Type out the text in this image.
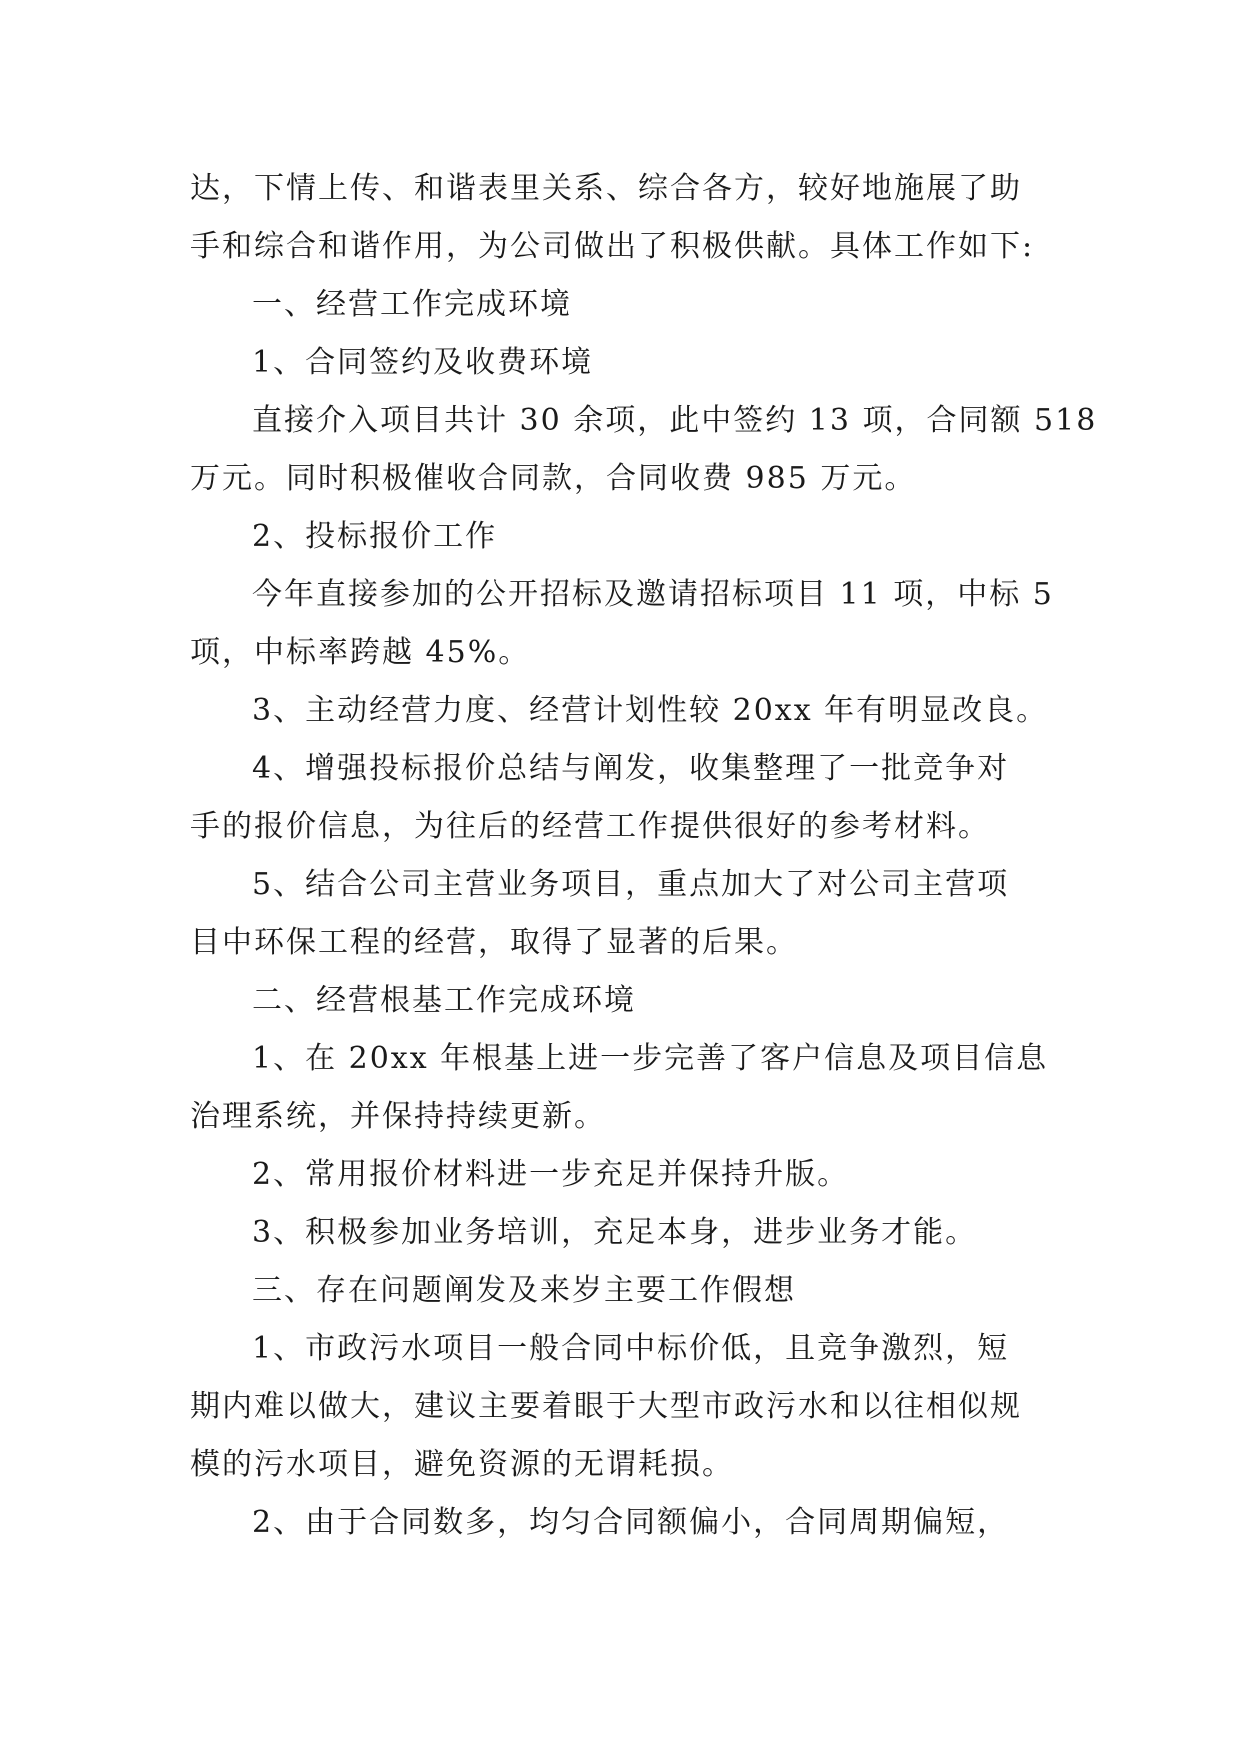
达，下情上传、和谐表里关系、综合各方，较好地施展了助
手和综合和谐作用，为公司做出了积极供献。具体工作如下:
一、经营工作完成环境
1、合同签约及收费环境
直接介入项目共计 30 余项，此中签约 13 项，合同额 518
万元。同时积极催收合同款，合同收费 985 万元。
2、投标报价工作
今年直接参加的公开招标及邀请招标项目 11 项，中标 5
项，中标率跨越 45%。
3、主动经营力度、经营计划性较 20xx 年有明显改良。
4、增强投标报价总结与阐发，收集整理了一批竞争对
手的报价信息，为往后的经营工作提供很好的参考材料。
5、结合公司主营业务项目，重点加大了对公司主营项
目中环保工程的经营，取得了显著的后果。
二、经营根基工作完成环境
1、在 20xx 年根基上进一步完善了客户信息及项目信息
治理系统，并保持持续更新。
2、常用报价材料进一步充足并保持升版。
3、积极参加业务培训，充足本身，进步业务才能。
三、存在问题阐发及来岁主要工作假想
1、市政污水项目一般合同中标价低，且竞争激烈，短
期内难以做大，建议主要着眼于大型市政污水和以往相似规
模的污水项目，避免资源的无谓耗损。
2、由于合同数多，均匀合同额偏小，合同周期偏短，
